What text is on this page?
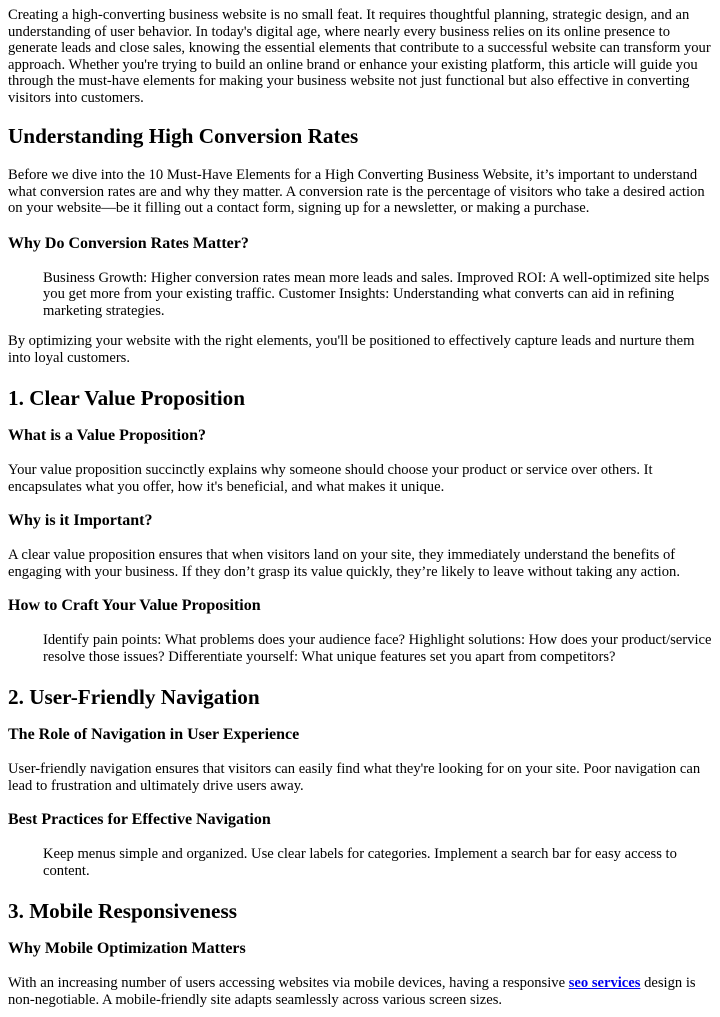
Creating a high-converting business website is no small feat. It requires thoughtful planning, strategic design, and an understanding of user behavior. In today's digital age, where nearly every business relies on its online presence to generate leads and close sales, knowing the essential elements that contribute to a successful website can transform your approach. Whether you're trying to build an online brand or enhance your existing platform, this article will guide you through the must-have elements for making your business website not just functional but also effective in converting visitors into customers.

Understanding High Conversion Rates

Before we dive into the 10 Must-Have Elements for a High Converting Business Website, it’s important to understand what conversion rates are and why they matter. A conversion rate is the percentage of visitors who take a desired action on your website—be it filling out a contact form, signing up for a newsletter, or making a purchase.

Why Do Conversion Rates Matter?
Business Growth: Higher conversion rates mean more leads and sales. Improved ROI: A well-optimized site helps you get more from your existing traffic. Customer Insights: Understanding what converts can aid in refining marketing strategies.

By optimizing your website with the right elements, you'll be positioned to effectively capture leads and nurture them into loyal customers.

1. Clear Value Proposition
What is a Value Proposition?

Your value proposition succinctly explains why someone should choose your product or service over others. It encapsulates what you offer, how it's beneficial, and what makes it unique.

Why is it Important?

A clear value proposition ensures that when visitors land on your site, they immediately understand the benefits of engaging with your business. If they don’t grasp its value quickly, they’re likely to leave without taking any action.

How to Craft Your Value Proposition
Identify pain points: What problems does your audience face? Highlight solutions: How does your product/service resolve those issues? Differentiate yourself: What unique features set you apart from competitors?
2. User-Friendly Navigation
The Role of Navigation in User Experience

User-friendly navigation ensures that visitors can easily find what they're looking for on your site. Poor navigation can lead to frustration and ultimately drive users away.

Best Practices for Effective Navigation
Keep menus simple and organized. Use clear labels for categories. Implement a search bar for easy access to content.
3. Mobile Responsiveness
Why Mobile Optimization Matters

With an increasing number of users accessing websites via mobile devices, having a responsive seo services design is non-negotiable. A mobile-friendly site adapts seamlessly across various screen sizes.
